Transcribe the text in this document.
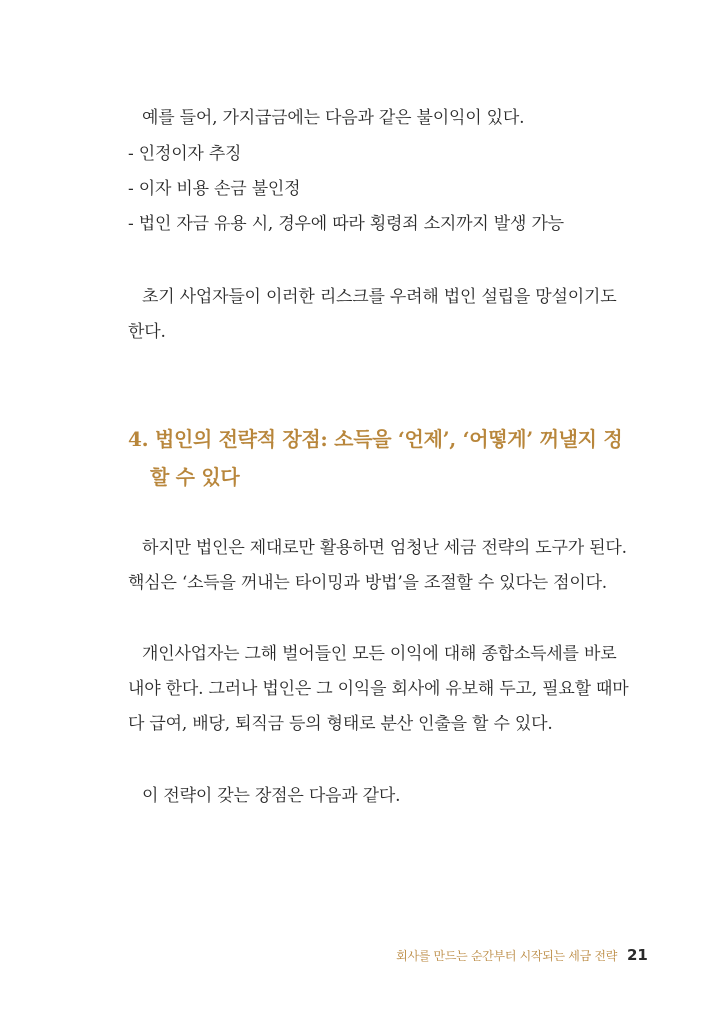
예를 들어, 가지급금에는 다음과 같은 불이익이 있다.
- 인정이자 추징
- 이자 비용 손금 불인정
- 법인 자금 유용 시, 경우에 따라 횡령죄 소지까지 발생 가능
초기 사업자들이 이러한 리스크를 우려해 법인 설립을 망설이기도
한다.
4. 법인의 전략적 장점: 소득을 ‘언제’, ‘어떻게’ 꺼낼지 정
할 수 있다
하지만 법인은 제대로만 활용하면 엄청난 세금 전략의 도구가 된다.
핵심은 ‘소득을 꺼내는 타이밍과 방법’을 조절할 수 있다는 점이다.
개인사업자는 그해 벌어들인 모든 이익에 대해 종합소득세를 바로
내야 한다. 그러나 법인은 그 이익을 회사에 유보해 두고, 필요할 때마
다 급여, 배당, 퇴직금 등의 형태로 분산 인출을 할 수 있다.
이 전략이 갖는 장점은 다음과 같다.
회사를 만드는 순간부터 시작되는 세금 전략 21
